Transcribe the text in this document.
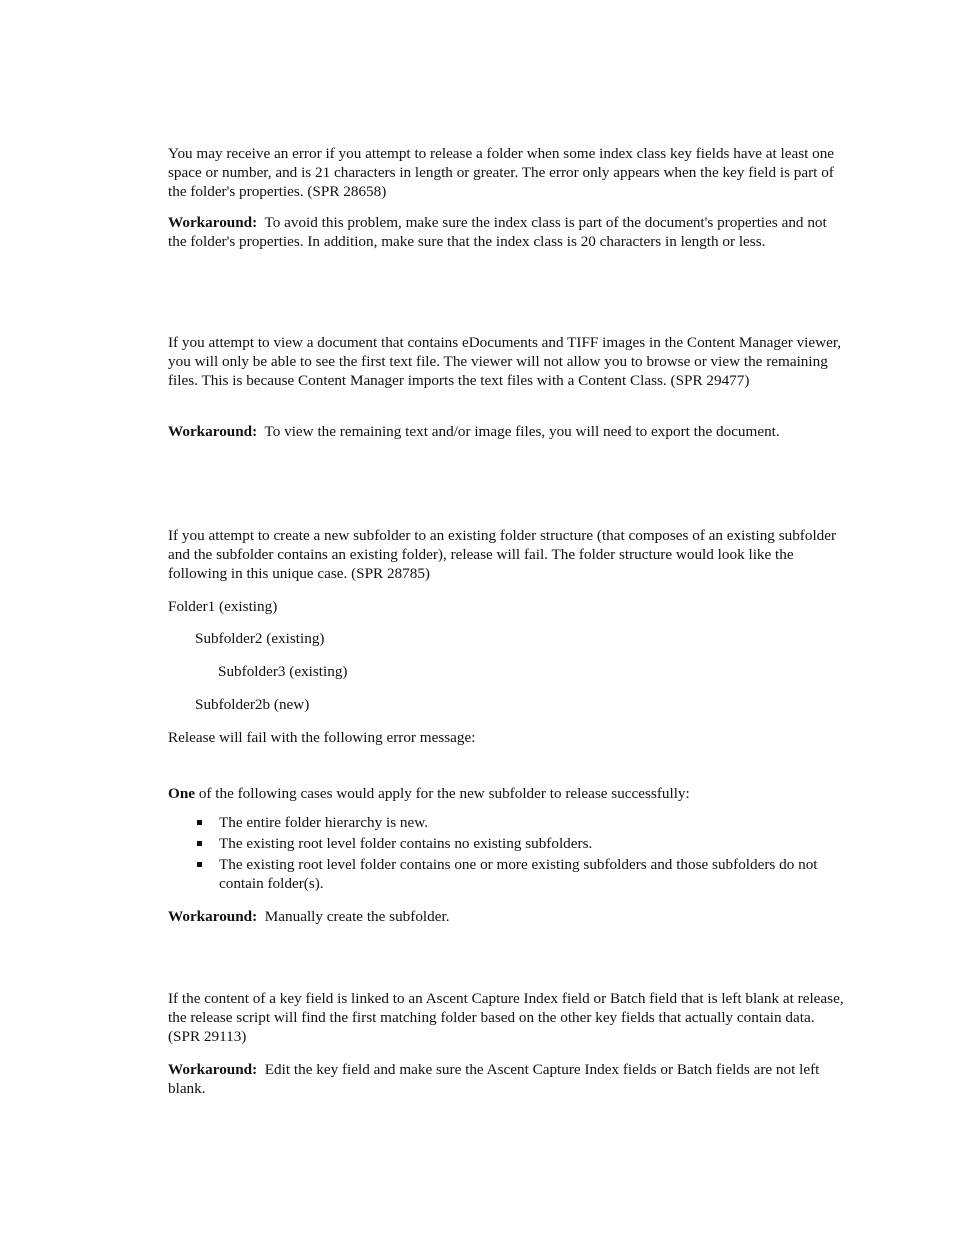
You may receive an error if you attempt to release a folder when some index class key fields have at least one space or number, and is 21 characters in length or greater. The error only appears when the key field is part of the folder's properties. (SPR 28658)

Workaround: To avoid this problem, make sure the index class is part of the document's properties and not the folder's properties. In addition, make sure that the index class is 20 characters in length or less.

If you attempt to view a document that contains eDocuments and TIFF images in the Content Manager viewer, you will only be able to see the first text file. The viewer will not allow you to browse or view the remaining files. This is because Content Manager imports the text files with a Content Class. (SPR 29477)

Workaround: To view the remaining text and/or image files, you will need to export the document.

If you attempt to create a new subfolder to an existing folder structure (that composes of an existing subfolder and the subfolder contains an existing folder), release will fail. The folder structure would look like the following in this unique case. (SPR 28785)

Folder1 (existing)

Subfolder2 (existing)

Subfolder3 (existing)

Subfolder2b (new)

Release will fail with the following error message:

One of the following cases would apply for the new subfolder to release successfully:

The entire folder hierarchy is new.
The existing root level folder contains no existing subfolders.
The existing root level folder contains one or more existing subfolders and those subfolders do not contain folder(s).

Workaround: Manually create the subfolder.

If the content of a key field is linked to an Ascent Capture Index field or Batch field that is left blank at release, the release script will find the first matching folder based on the other key fields that actually contain data. (SPR 29113)

Workaround: Edit the key field and make sure the Ascent Capture Index fields or Batch fields are not left blank.
